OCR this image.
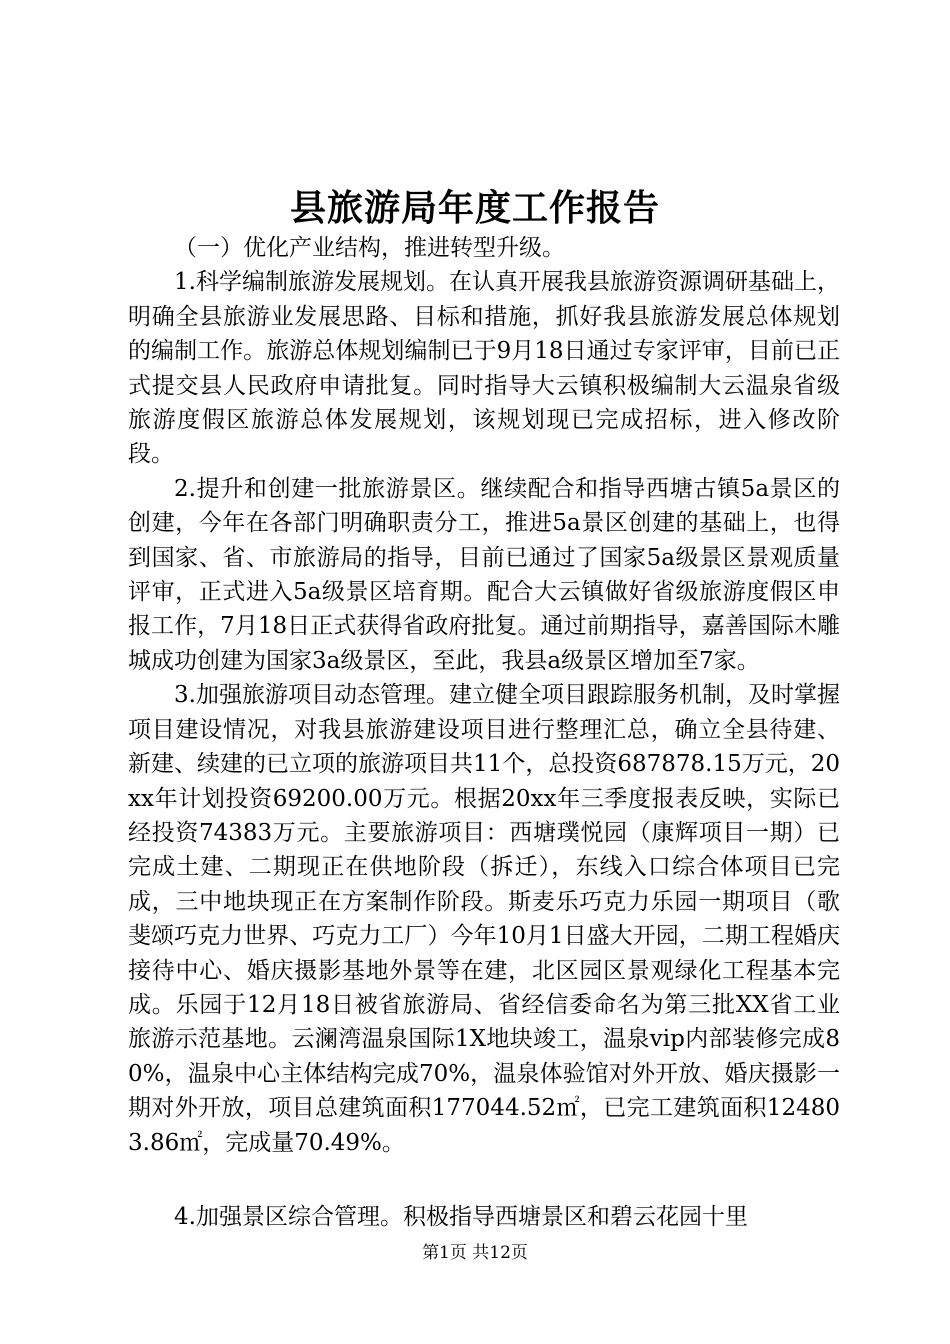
县旅游局年度工作报告

（一）优化产业结构，推进转型升级。

1.科学编制旅游发展规划。在认真开展我县旅游资源调研基础上，明确全县旅游业发展思路、目标和措施，抓好我县旅游发展总体规划的编制工作。旅游总体规划编制已于9月18日通过专家评审，目前已正式提交县人民政府申请批复。同时指导大云镇积极编制大云温泉省级旅游度假区旅游总体发展规划，该规划现已完成招标，进入修改阶段。

2.提升和创建一批旅游景区。继续配合和指导西塘古镇5a景区的创建，今年在各部门明确职责分工，推进5a景区创建的基础上，也得到国家、省、市旅游局的指导，目前已通过了国家5a级景区景观质量评审，正式进入5a级景区培育期。配合大云镇做好省级旅游度假区申报工作，7月18日正式获得省政府批复。通过前期指导，嘉善国际木雕城成功创建为国家3a级景区，至此，我县a级景区增加至7家。

3.加强旅游项目动态管理。建立健全项目跟踪服务机制，及时掌握项目建设情况，对我县旅游建设项目进行整理汇总，确立全县待建、新建、续建的已立项的旅游项目共11个，总投资687878.15万元，20xx年计划投资69200.00万元。根据20xx年三季度报表反映，实际已经投资74383万元。主要旅游项目：西塘璞悦园（康辉项目一期）已完成土建、二期现正在供地阶段（拆迁），东线入口综合体项目已完成，三中地块现正在方案制作阶段。斯麦乐巧克力乐园一期项目（歌斐颂巧克力世界、巧克力工厂）今年10月1日盛大开园，二期工程婚庆接待中心、婚庆摄影基地外景等在建，北区园区景观绿化工程基本完成。乐园于12月18日被省旅游局、省经信委命名为第三批XX省工业旅游示范基地。云澜湾温泉国际1X地块竣工，温泉vip内部装修完成80%，温泉中心主体结构完成70%，温泉体验馆对外开放、婚庆摄影一期对外开放，项目总建筑面积177044.52㎡，已完工建筑面积124803.86㎡，完成量70.49%。

4.加强景区综合管理。积极指导西塘景区和碧云花园十里

第1页 共12页
